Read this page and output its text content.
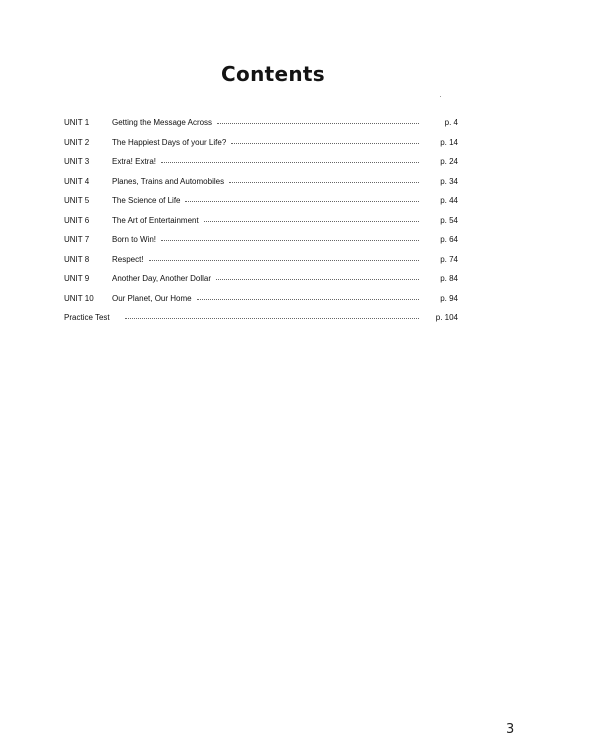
Contents
UNIT 1	Getting the Message Across	p. 4
UNIT 2	The Happiest Days of your Life?	p. 14
UNIT 3	Extra! Extra!	p. 24
UNIT 4	Planes, Trains and Automobiles	p. 34
UNIT 5	The Science of Life	p. 44
UNIT 6	The Art of Entertainment	p. 54
UNIT 7	Born to Win!	p. 64
UNIT 8	Respect!	p. 74
UNIT 9	Another Day, Another Dollar	p. 84
UNIT 10	Our Planet, Our Home	p. 94
Practice Test	p. 104
3
